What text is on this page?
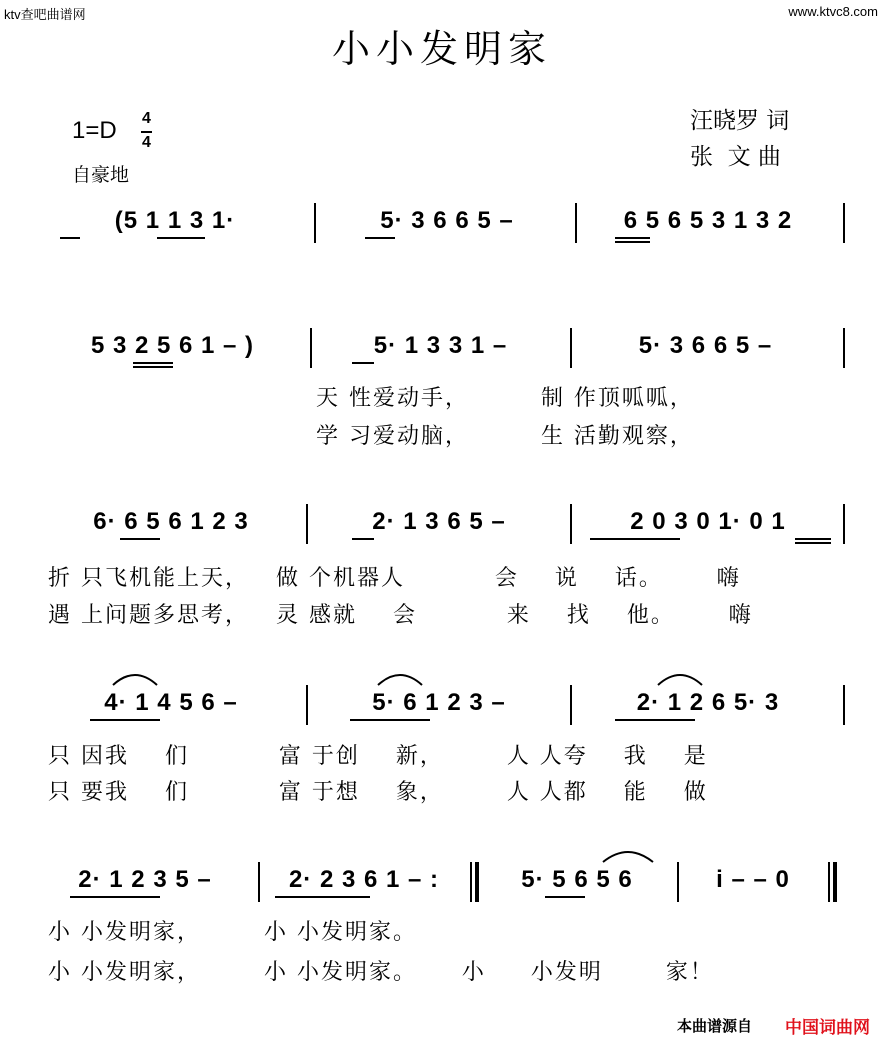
ktv查吧曲谱网	www.ktvc8.com
小小发明家
1=D 4
4
自豪地
汪晓罗 词
张  文 曲
(5 1 1 3 1·	5· 3 6 6 5 –	6 5 6 5 3 1 3 2
5 3 2 5 6 1 – )	5· 1 3 3 1 –	5· 3 6 6 5 –
天 性爱动手，        制 作顶呱呱，
学 习爱动脑，        生 活勤观察，
6· 6 5 6 1 2 3	2· 1 3 6 5 –	2 0 3 0 1· 0 1
折 只飞机能上天，   做 个机器人          会    说    话。      嗨
遇 上问题多思考，   灵 感就    会          来    找    他。      嗨
4· 1 4 5 6 –	5· 6 1 2 3 –	2· 1 2 6 5· 3
只 因我    们          富 于创    新，       人 人夸    我    是
只 要我    们          富 于想    象，       人 人都    能    做
2· 1 2 3 5 –	2· 2 3 6 1 – :	5· 5 6 5 6	i – – 0
小 小发明家，       小 小发明家。
小 小发明家，       小 小发明家。     小     小发明       家！
本曲谱源自 中国词曲网
